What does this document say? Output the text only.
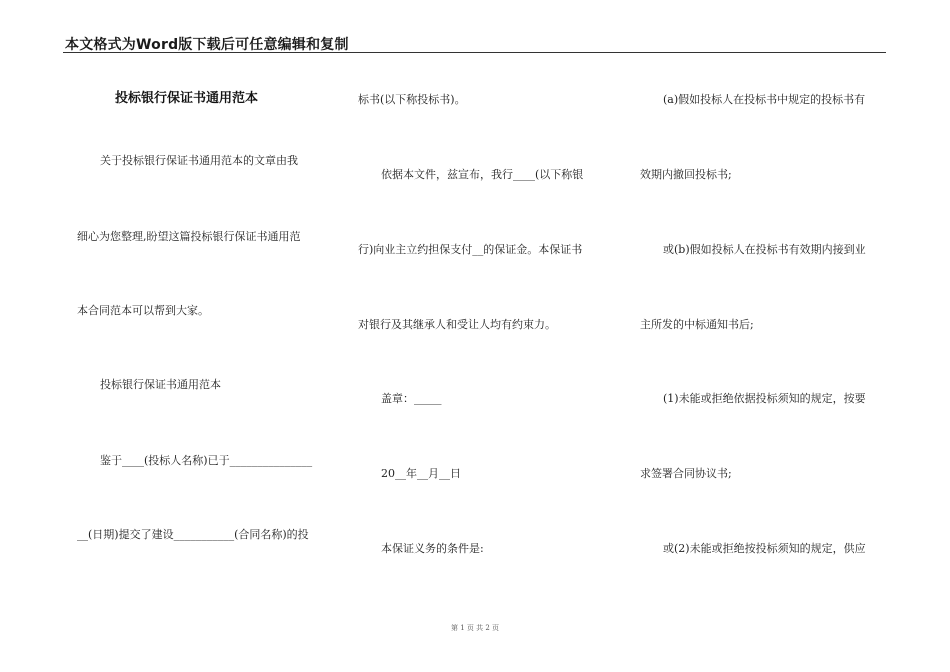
本文格式为Word版下载后可任意编辑和复制
投标银行保证书通用范本
关于投标银行保证书通用范本的文章由我
细心为您整理,盼望这篇投标银行保证书通用范
本合同范本可以帮到大家。
投标银行保证书通用范本
鉴于____(投标人名称)已于_______________
__(日期)提交了建设___________(合同名称)的投
标书(以下称投标书)。
依据本文件，兹宣布，我行____(以下称银
行)向业主立约担保支付__的保证金。本保证书
对银行及其继承人和受让人均有约束力。
盖章：_____
20__年__月__日
本保证义务的条件是:
(a)假如投标人在投标书中规定的投标书有
效期内撤回投标书;
或(b)假如投标人在投标书有效期内接到业
主所发的中标通知书后;
(1)未能或拒绝依据投标须知的规定，按要
求签署合同协议书;
或(2)未能或拒绝按投标须知的规定，供应
第 1 页 共 2 页
